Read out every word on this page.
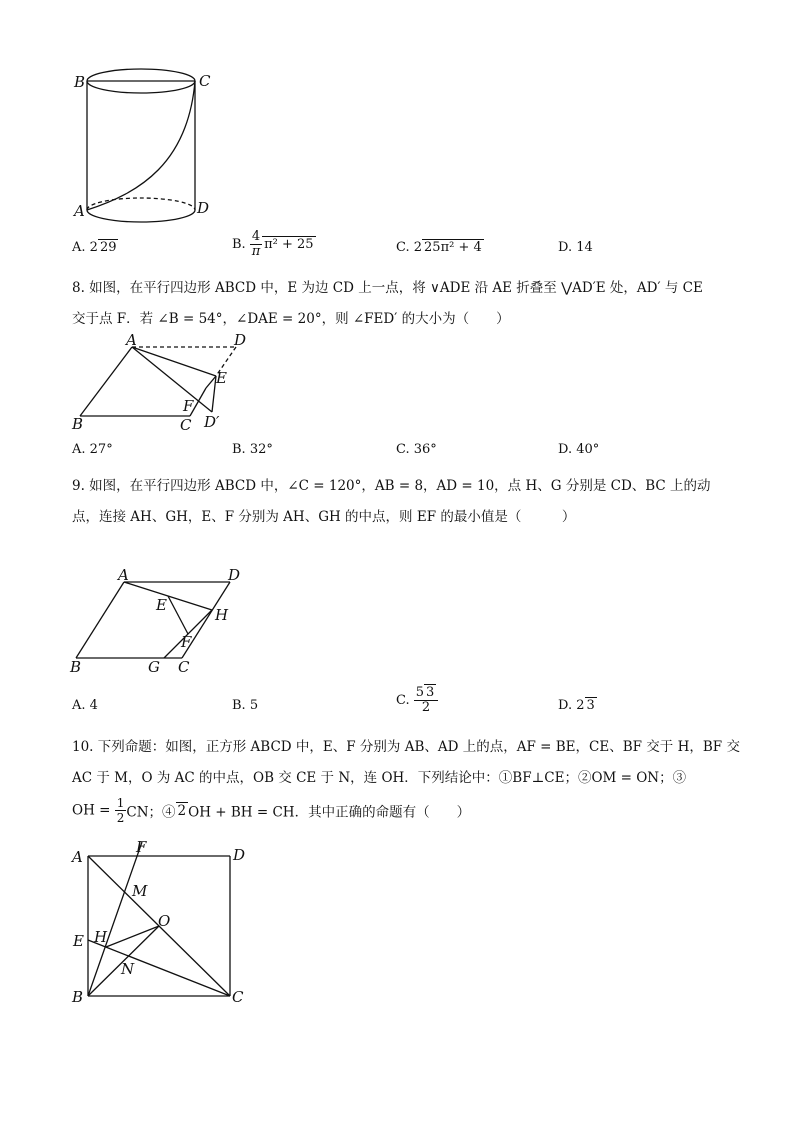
B	C
A	D
A. 2 29	B. $\frac{4}{\pi} \pi^2 + 25$	C. 2 25π² + 4	D. 14
8. 如图，在平行四边形 ABCD 中，E 为边 CD 上一点，将 ∨ADE 沿 AE 折叠至 ⋁AD′E 处，AD′ 与 CE
交于点 F．若 ∠B = 54°，∠DAE = 20°，则 ∠FED′ 的大小为（　　）
A	D
E
B
F
C D′
A. 27°	B. 32°	C. 36°	D. 40°
9. 如图，在平行四边形 ABCD 中，∠C = 120°，AB = 8，AD = 10，点 H、G 分别是 CD、BC 上的动
点，连接 AH、GH，E、F 分别为 AH、GH 的中点，则 EF 的最小值是（　　　）
A	D
E
H
F
B	G C
A. 4	B. 5	C. $\frac{5 3}{2}$	D. 2 3
10. 下列命题：如图，正方形 ABCD 中，E、F 分别为 AB、AD 上的点，AF = BE，CE、BF 交于 H，BF 交
AC 于 M，O 为 AC 的中点，OB 交 CE 于 N，连 OH．下列结论中：①BF⊥CE；②OM = ON；③
OH = $\frac{1}{2}$ CN；④ 2 OH + BH = CH．其中正确的命题有（　　）
A
F	D
M
O
E H
N
B	C
